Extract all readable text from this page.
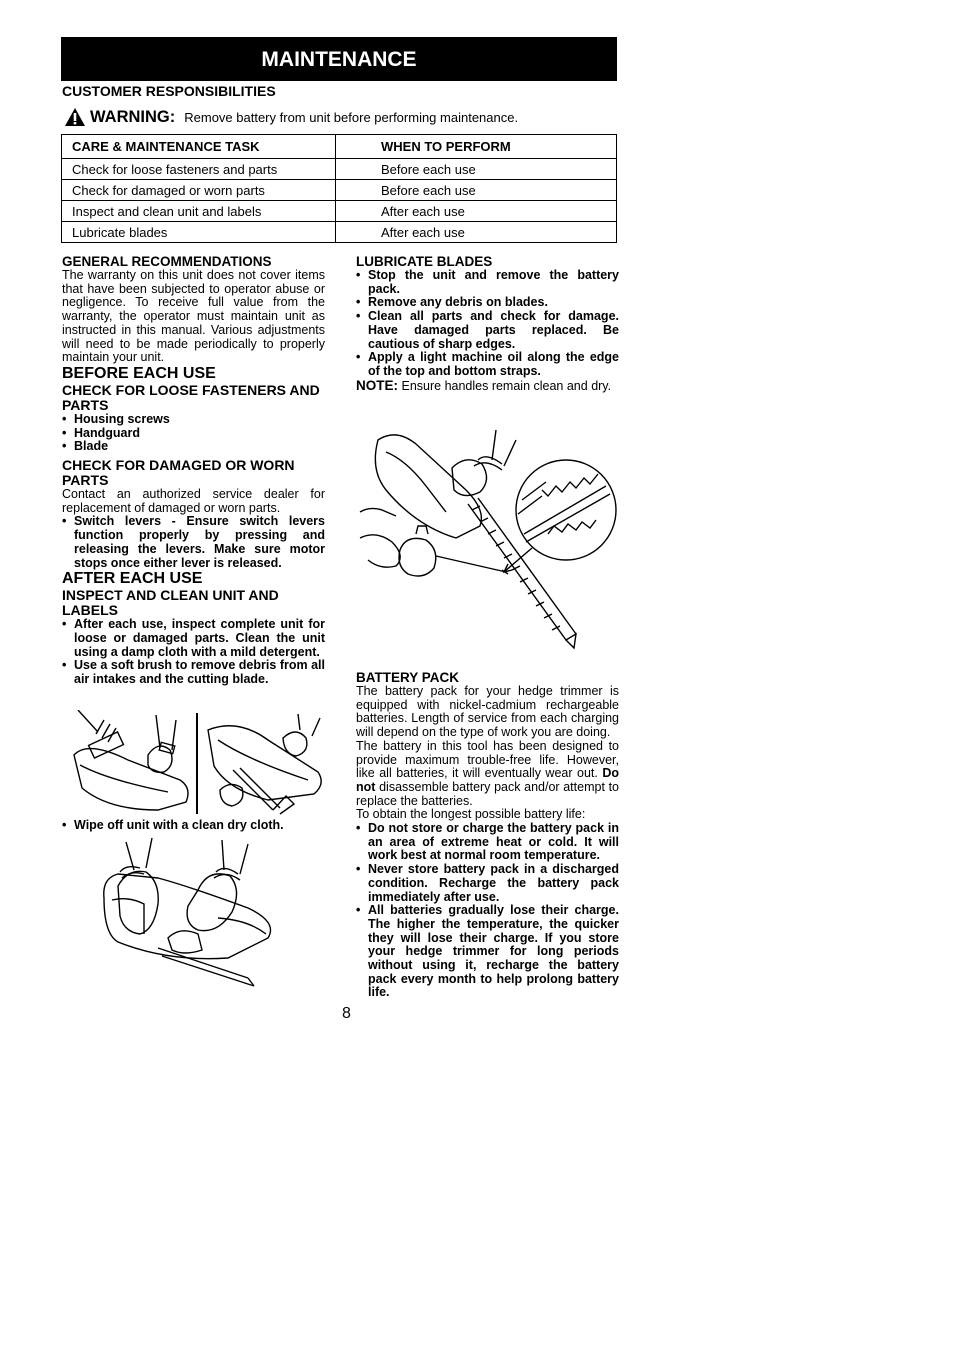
MAINTENANCE
CUSTOMER RESPONSIBILITIES
WARNING: Remove battery from unit before performing maintenance.
CARE & MAINTENANCE TASK	WHEN TO PERFORM
Check for loose fasteners and parts	Before each use
Check for damaged or worn parts	Before each use
Inspect and clean unit and labels	After each use
Lubricate blades	After each use

GENERAL RECOMMENDATIONS

The warranty on this unit does not cover items that have been subjected to operator abuse or negligence. To receive full value from the warranty, the operator must maintain unit as instructed in this manual. Various adjustments will need to be made periodically to properly maintain your unit.

BEFORE EACH USE

CHECK FOR LOOSE FASTENERS AND PARTS

• Housing screws
• Handguard
• Blade

CHECK FOR DAMAGED OR WORN PARTS

Contact an authorized service dealer for replacement of damaged or worn parts.

• Switch levers - Ensure switch levers function properly by pressing and releasing the levers. Make sure motor stops once either lever is released.

AFTER EACH USE

INSPECT AND CLEAN UNIT AND LABELS

• After each use, inspect complete unit for loose or damaged parts. Clean the unit using a damp cloth with a mild detergent.
• Use a soft brush to remove debris from all air intakes and the cutting blade.
• Wipe off unit with a clean dry cloth.

LUBRICATE BLADES

• Stop the unit and remove the battery pack.
• Remove any debris on blades.
• Clean all parts and check for damage. Have damaged parts replaced. Be cautious of sharp edges.
• Apply a light machine oil along the edge of the top and bottom straps.

NOTE: Ensure handles remain clean and dry.

BATTERY PACK

The battery pack for your hedge trimmer is equipped with nickel-cadmium rechargeable batteries. Length of service from each charging will depend on the type of work you are doing.

The battery in this tool has been designed to provide maximum trouble-free life. However, like all batteries, it will eventually wear out. Do not disassemble battery pack and/or attempt to replace the batteries.

To obtain the longest possible battery life:

• Do not store or charge the battery pack in an area of extreme heat or cold. It will work best at normal room temperature.
• Never store battery pack in a discharged condition. Recharge the battery pack immediately after use.
• All batteries gradually lose their charge. The higher the temperature, the quicker they will lose their charge. If you store your hedge trimmer for long periods without using it, recharge the battery pack every month to help prolong battery life.
8
